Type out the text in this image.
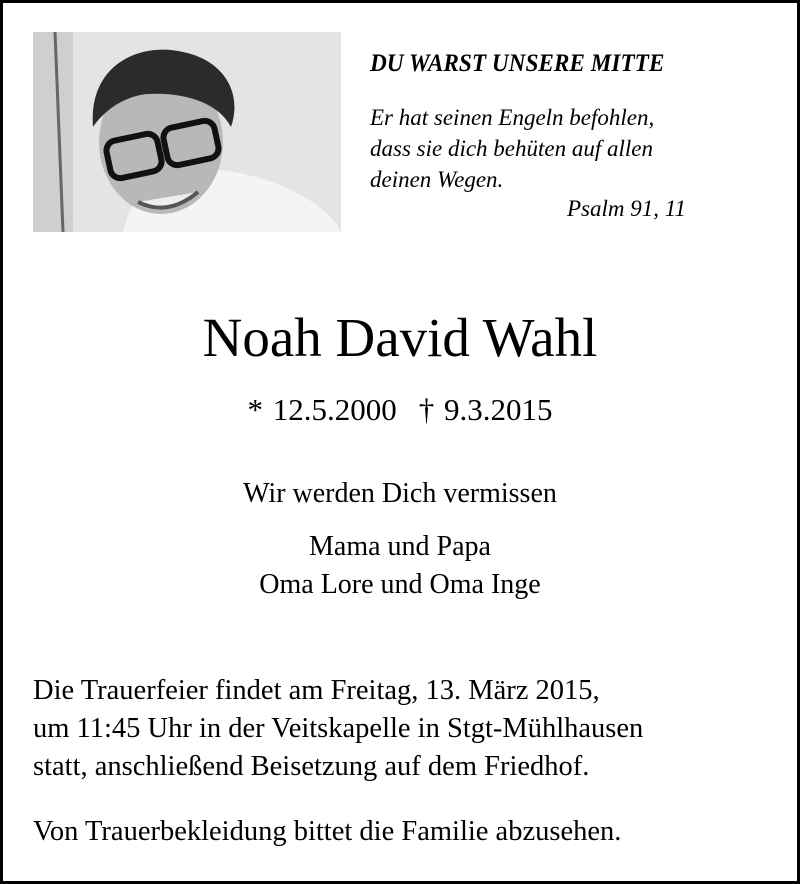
DU WARST UNSERE MITTE
Er hat seinen Engeln befohlen,
dass sie dich behüten auf allen
deinen Wegen.
Psalm 91, 11
Noah David Wahl
* 12.5.2000 † 9.3.2015
Wir werden Dich vermissen
Mama und Papa
Oma Lore und Oma Inge
Die Trauerfeier findet am Freitag, 13. März 2015,
um 11:45 Uhr in der Veitskapelle in Stgt-Mühlhausen
statt, anschließend Beisetzung auf dem Friedhof.
Von Trauerbekleidung bittet die Familie abzusehen.
